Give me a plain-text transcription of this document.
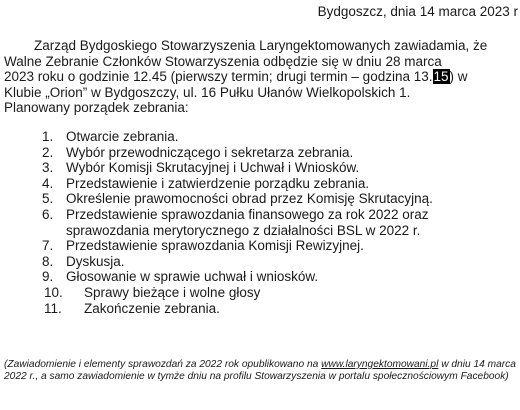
Bydgoszcz, dnia 14 marca 2023 r

Zarząd Bydgoskiego Stowarzyszenia Laryngektomowanych zawiadamia, że

Walne Zebranie Członków Stowarzyszenia odbędzie się w dniu 28 marca

2023 roku o godzinie 12.45 (pierwszy termin; drugi termin – godzina 13.15) w

Klubie „Orion” w Bydgoszczy, ul. 16 Pułku Ułanów Wielkopolskich 1.

Planowany porządek zebrania:

1. Otwarcie zebrania.
2. Wybór przewodniczącego i sekretarza zebrania.
3. Wybór Komisji Skrutacyjnej i Uchwał i Wniosków.
4. Przedstawienie i zatwierdzenie porządku zebrania.
5. Określenie prawomocności obrad przez Komisję Skrutacyjną.
6. Przedstawienie sprawozdania finansowego za rok 2022 oraz sprawozdania merytorycznego z działalności BSL w 2022 r.
7. Przedstawienie sprawozdania Komisji Rewizyjnej.
8. Dyskusja.
9. Głosowanie w sprawie uchwał i wniosków.
10. Sprawy bieżące i wolne głosy
11. Zakończenie zebrania.
(Zawiadomienie i elementy sprawozdań za 2022 rok opublikowano na www.laryngektomowani.pl w dniu 14 marca 2022 r., a samo zawiadomienie w tymże dniu na profilu Stowarzyszenia w portalu społecznościowym Facebook)
